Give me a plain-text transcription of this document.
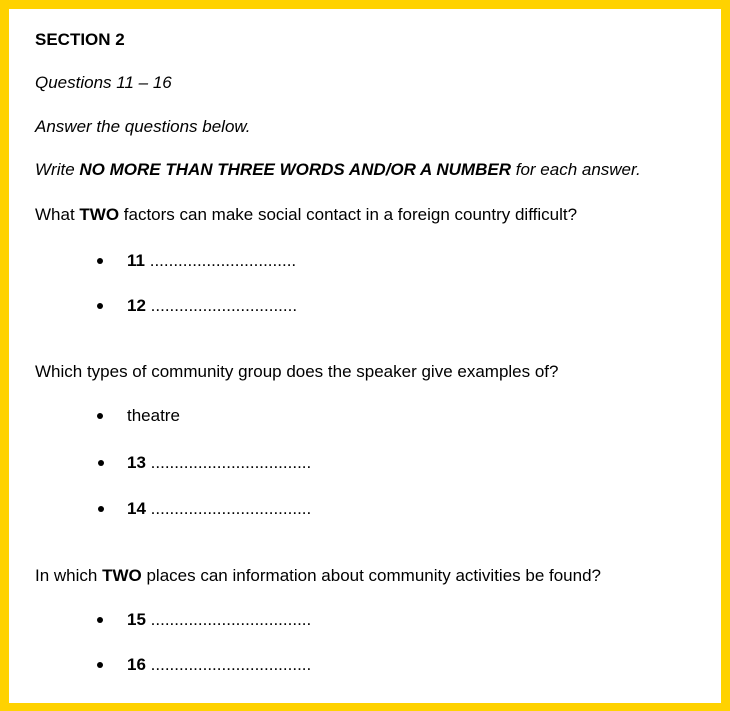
SECTION 2
Questions 11 – 16
Answer the questions below.
Write NO MORE THAN THREE WORDS AND/OR A NUMBER for each answer.
What TWO factors can make social contact in a foreign country difficult?
11 ...............................
12 ...............................
Which types of community group does the speaker give examples of?
theatre
13 ..................................
14 ..................................
In which TWO places can information about community activities be found?
15 ..................................
16 ..................................
